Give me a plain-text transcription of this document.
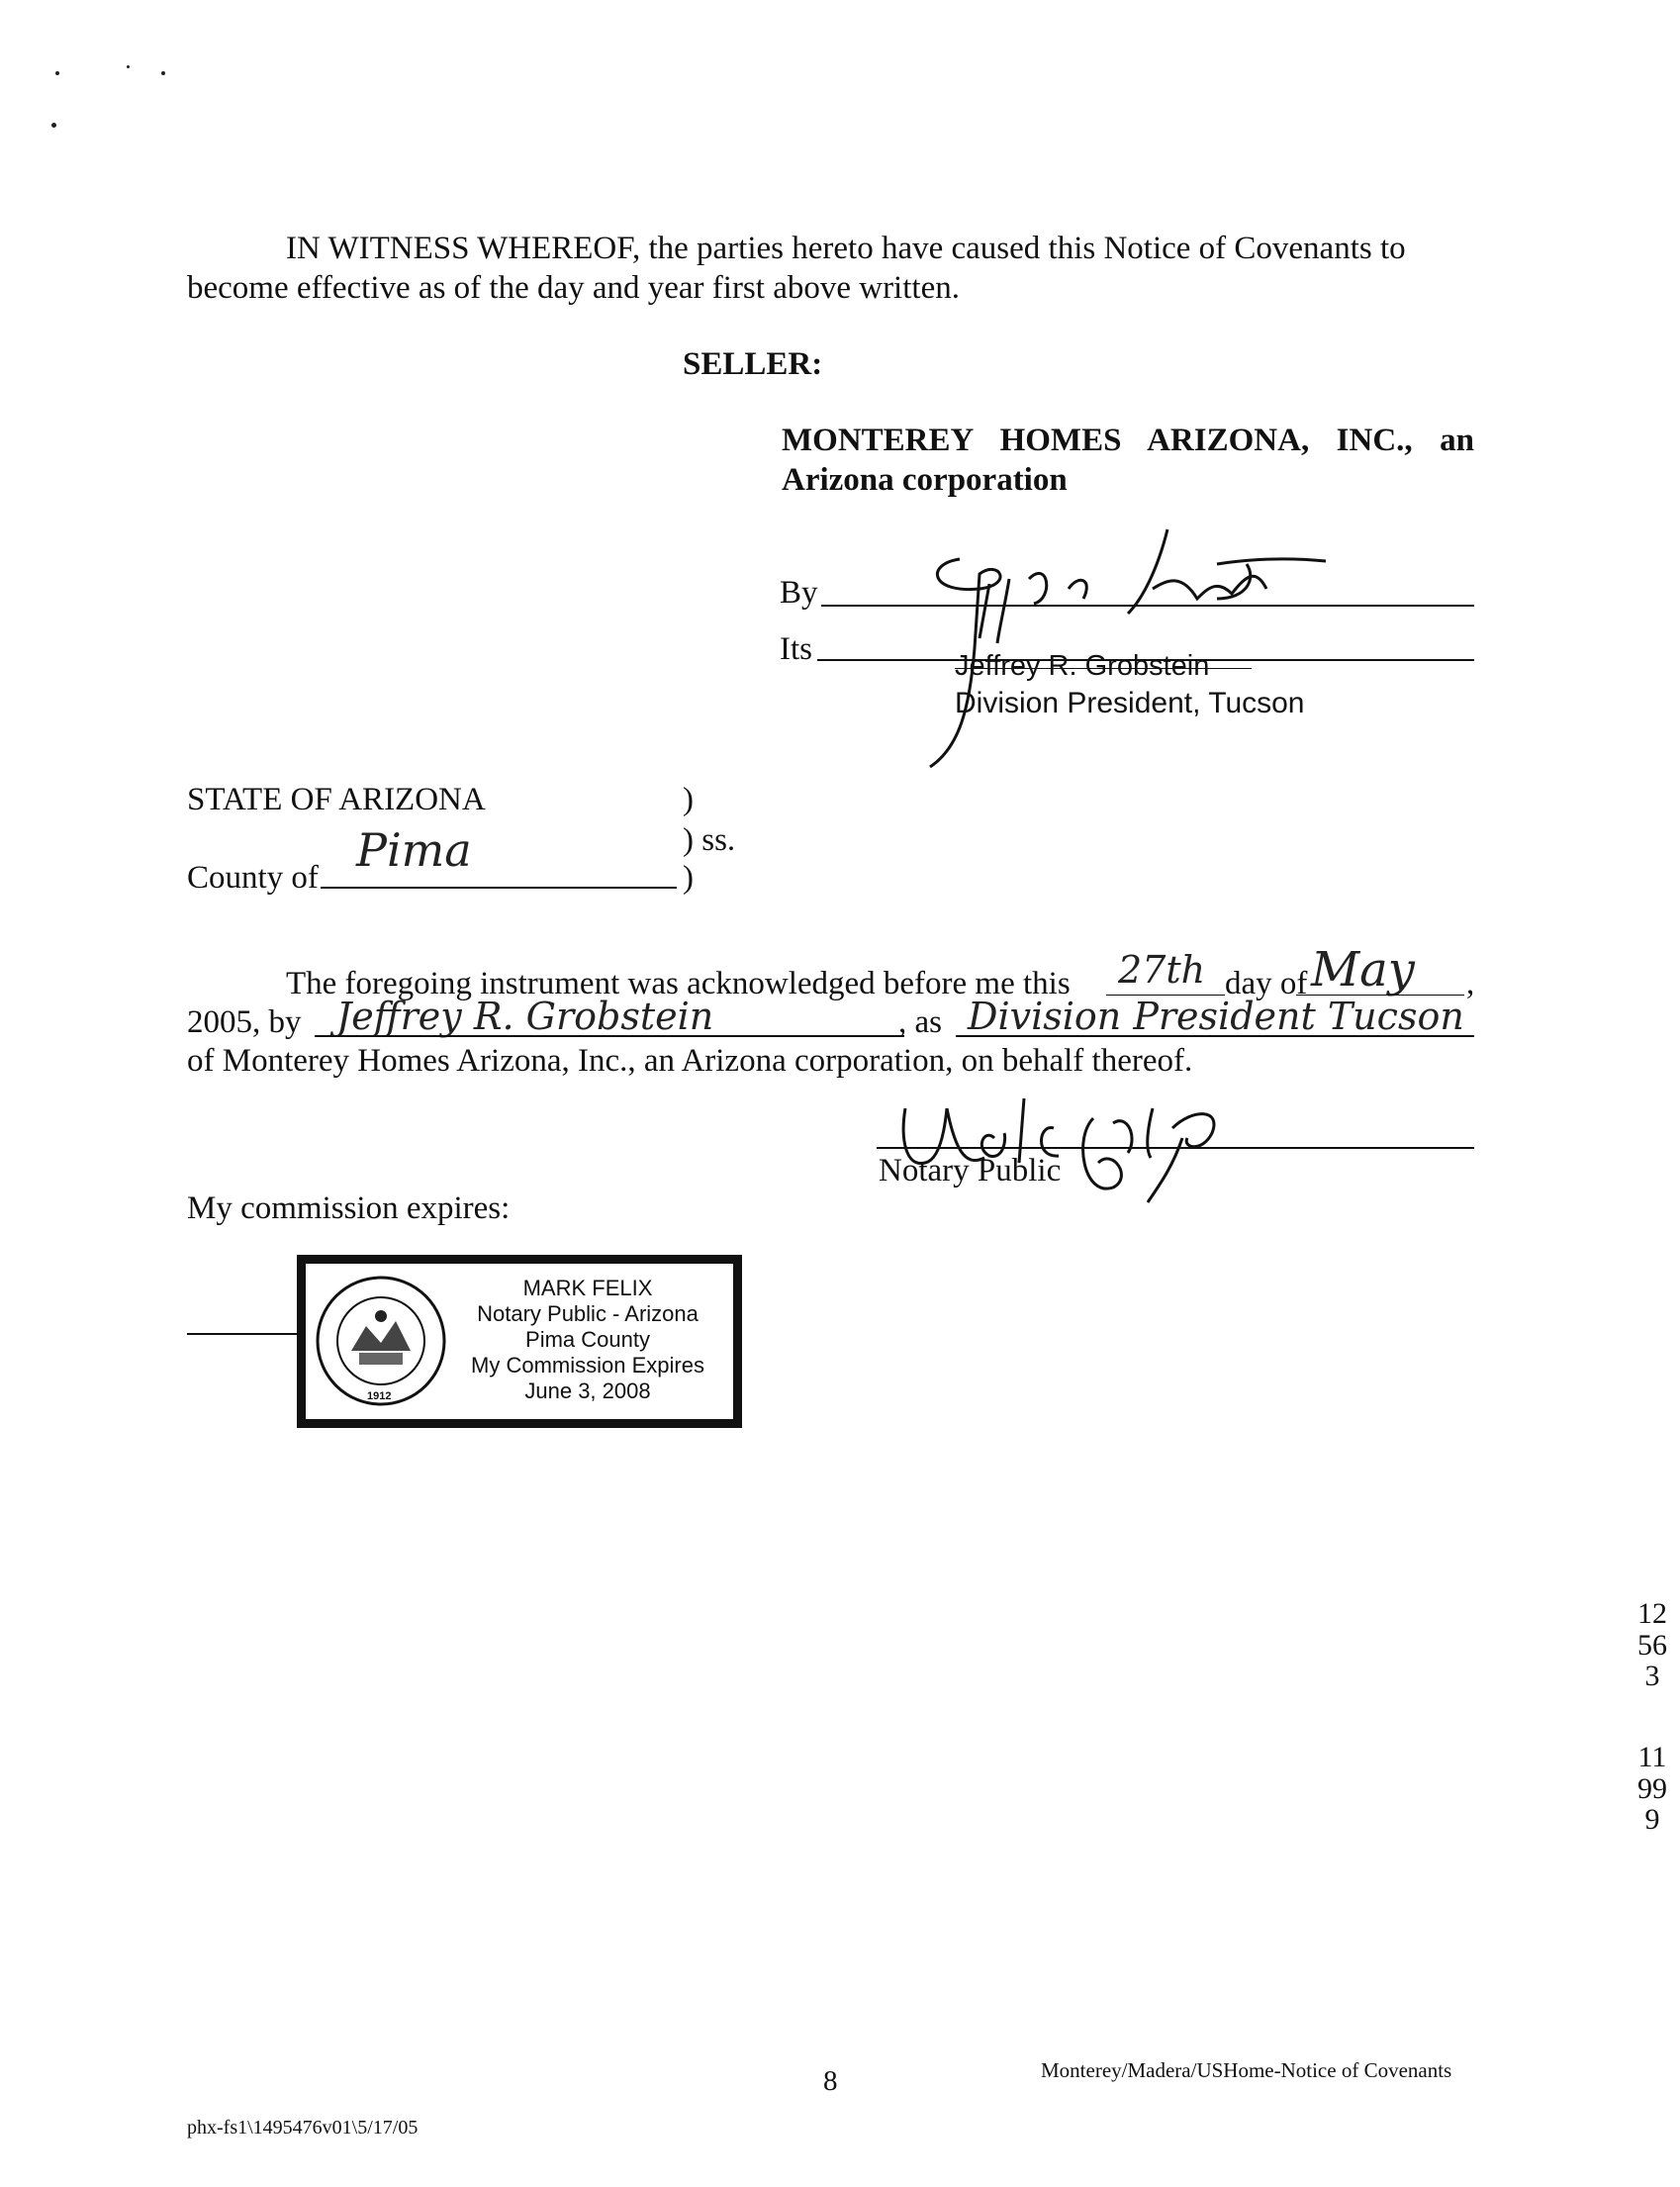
IN WITNESS WHEREOF, the parties hereto have caused this Notice of Covenants to
become effective as of the day and year first above written.
SELLER:
MONTEREY HOMES ARIZONA, INC., an
Arizona corporation
By
Its	Jeffrey R. Grobstein
Division President, Tucson
STATE OF ARIZONA	)
) ss.
County of
Pima
)
The foregoing instrument was acknowledged before me this 27th day of May ,
2005, by Jeffrey R. Grobstein	, as Division President Tucson
of Monterey Homes Arizona, Inc., an Arizona corporation, on behalf thereof.
Notary Public
My commission expires:
1912
MARK FELIX
Notary Public - Arizona
Pima County
My Commission Expires
June 3, 2008
12563
11999
8	Monterey/Madera/USHome-Notice of Covenants
phx-fs1\1495476v01\5/17/05
